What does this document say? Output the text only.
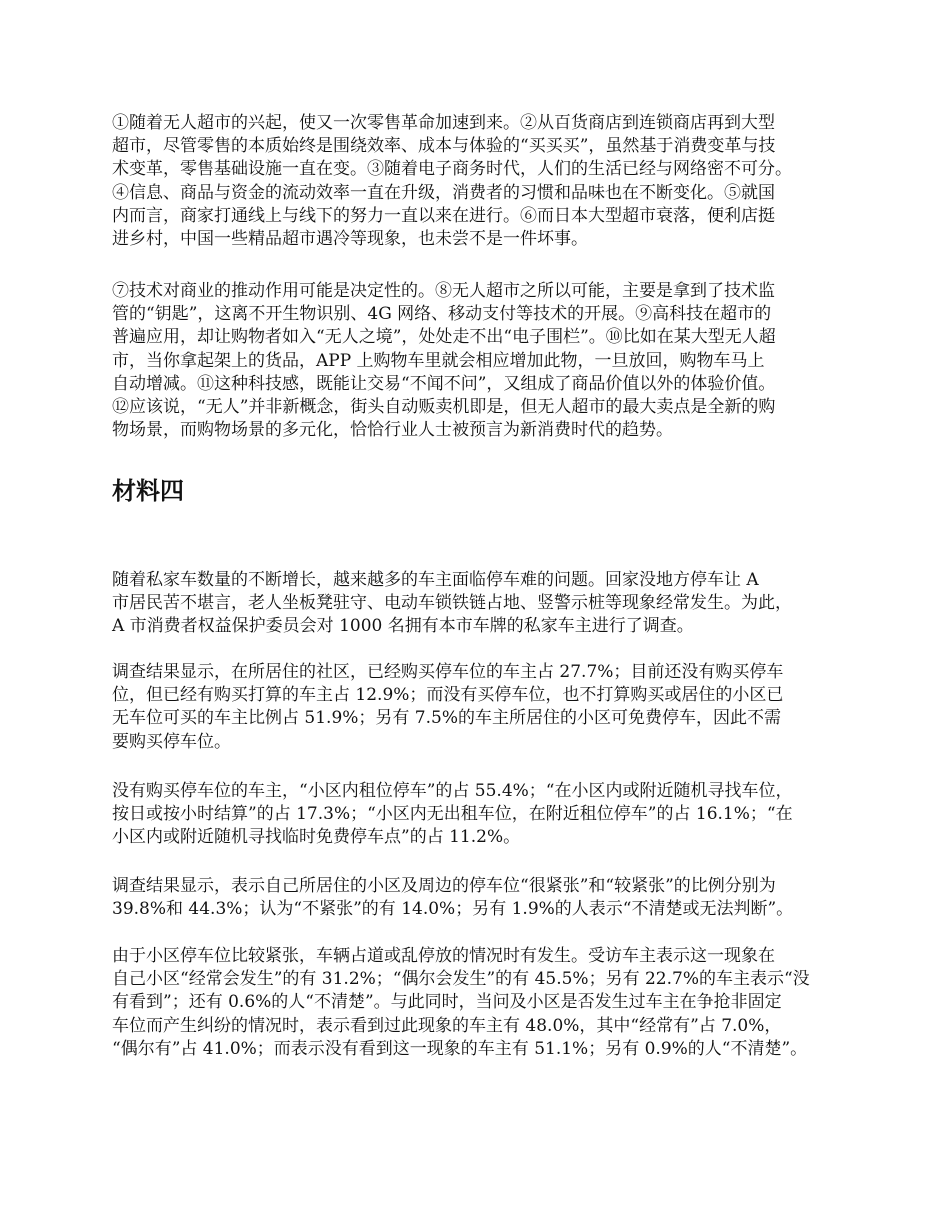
①随着无人超市的兴起，使又一次零售革命加速到来。②从百货商店到连锁商店再到大型
超市，尽管零售的本质始终是围绕效率、成本与体验的“买买买”，虽然基于消费变革与技
术变革，零售基础设施一直在变。③随着电子商务时代，人们的生活已经与网络密不可分。
④信息、商品与资金的流动效率一直在升级，消费者的习惯和品味也在不断变化。⑤就国
内而言，商家打通线上与线下的努力一直以来在进行。⑥而日本大型超市衰落，便利店挺
进乡村，中国一些精品超市遇冷等现象，也未尝不是一件坏事。
⑦技术对商业的推动作用可能是决定性的。⑧无人超市之所以可能，主要是拿到了技术监
管的“钥匙”，这离不开生物识别、4G 网络、移动支付等技术的开展。⑨高科技在超市的
普遍应用，却让购物者如入“无人之境”，处处走不出“电子围栏”。⑩比如在某大型无人超
市，当你拿起架上的货品，APP 上购物车里就会相应增加此物，一旦放回，购物车马上
自动增减。⑪这种科技感，既能让交易“不闻不问”，又组成了商品价值以外的体验价值。
⑫应该说，“无人”并非新概念，街头自动贩卖机即是，但无人超市的最大卖点是全新的购
物场景，而购物场景的多元化，恰恰行业人士被预言为新消费时代的趋势。
材料四
随着私家车数量的不断增长，越来越多的车主面临停车难的问题。回家没地方停车让 A
市居民苦不堪言，老人坐板凳驻守、电动车锁铁链占地、竖警示桩等现象经常发生。为此，
A 市消费者权益保护委员会对 1000 名拥有本市车牌的私家车主进行了调查。
调查结果显示，在所居住的社区，已经购买停车位的车主占 27.7%；目前还没有购买停车
位，但已经有购买打算的车主占 12.9%；而没有买停车位，也不打算购买或居住的小区已
无车位可买的车主比例占 51.9%；另有 7.5%的车主所居住的小区可免费停车，因此不需
要购买停车位。
没有购买停车位的车主，“小区内租位停车”的占 55.4%；“在小区内或附近随机寻找车位，
按日或按小时结算”的占 17.3%；“小区内无出租车位，在附近租位停车”的占 16.1%；“在
小区内或附近随机寻找临时免费停车点”的占 11.2%。
调查结果显示，表示自己所居住的小区及周边的停车位“很紧张”和“较紧张”的比例分别为
39.8%和 44.3%；认为“不紧张”的有 14.0%；另有 1.9%的人表示“不清楚或无法判断”。
由于小区停车位比较紧张，车辆占道或乱停放的情况时有发生。受访车主表示这一现象在
自己小区“经常会发生”的有 31.2%；“偶尔会发生”的有 45.5%；另有 22.7%的车主表示“没
有看到”；还有 0.6%的人“不清楚”。与此同时，当问及小区是否发生过车主在争抢非固定
车位而产生纠纷的情况时，表示看到过此现象的车主有 48.0%，其中“经常有”占 7.0%，
“偶尔有”占 41.0%；而表示没有看到这一现象的车主有 51.1%；另有 0.9%的人“不清楚”。
